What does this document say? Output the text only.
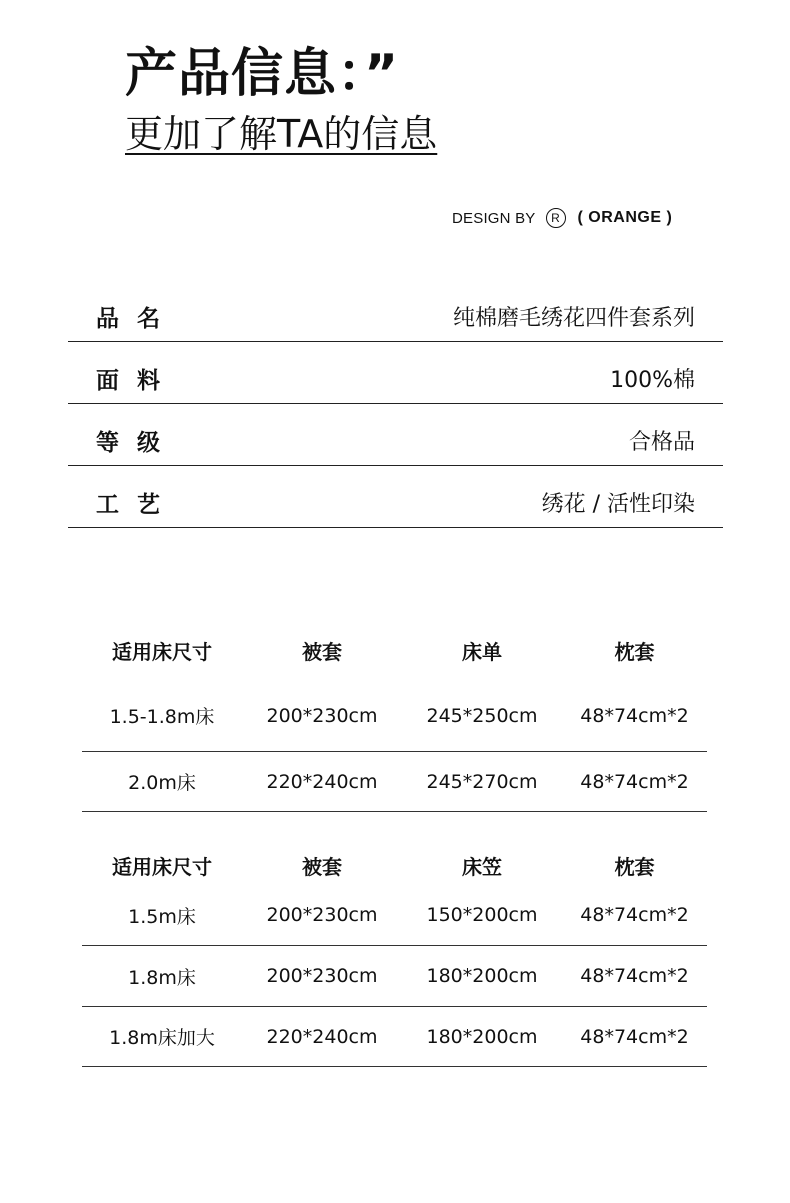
产品信息：”
更加了解TA的信息
DESIGN BY	R	( ORANGE )
品名	纯棉磨毛绣花四件套系列
面料	100%棉
等级	合格品
工艺	绣花 / 活性印染
适用床尺寸	被套	床单	枕套
1.5-1.8m床	200*230cm	245*250cm	48*74cm*2
2.0m床	220*240cm	245*270cm	48*74cm*2
适用床尺寸	被套	床笠	枕套
1.5m床	200*230cm	150*200cm	48*74cm*2
1.8m床	200*230cm	180*200cm	48*74cm*2
1.8m床加大	220*240cm	180*200cm	48*74cm*2
